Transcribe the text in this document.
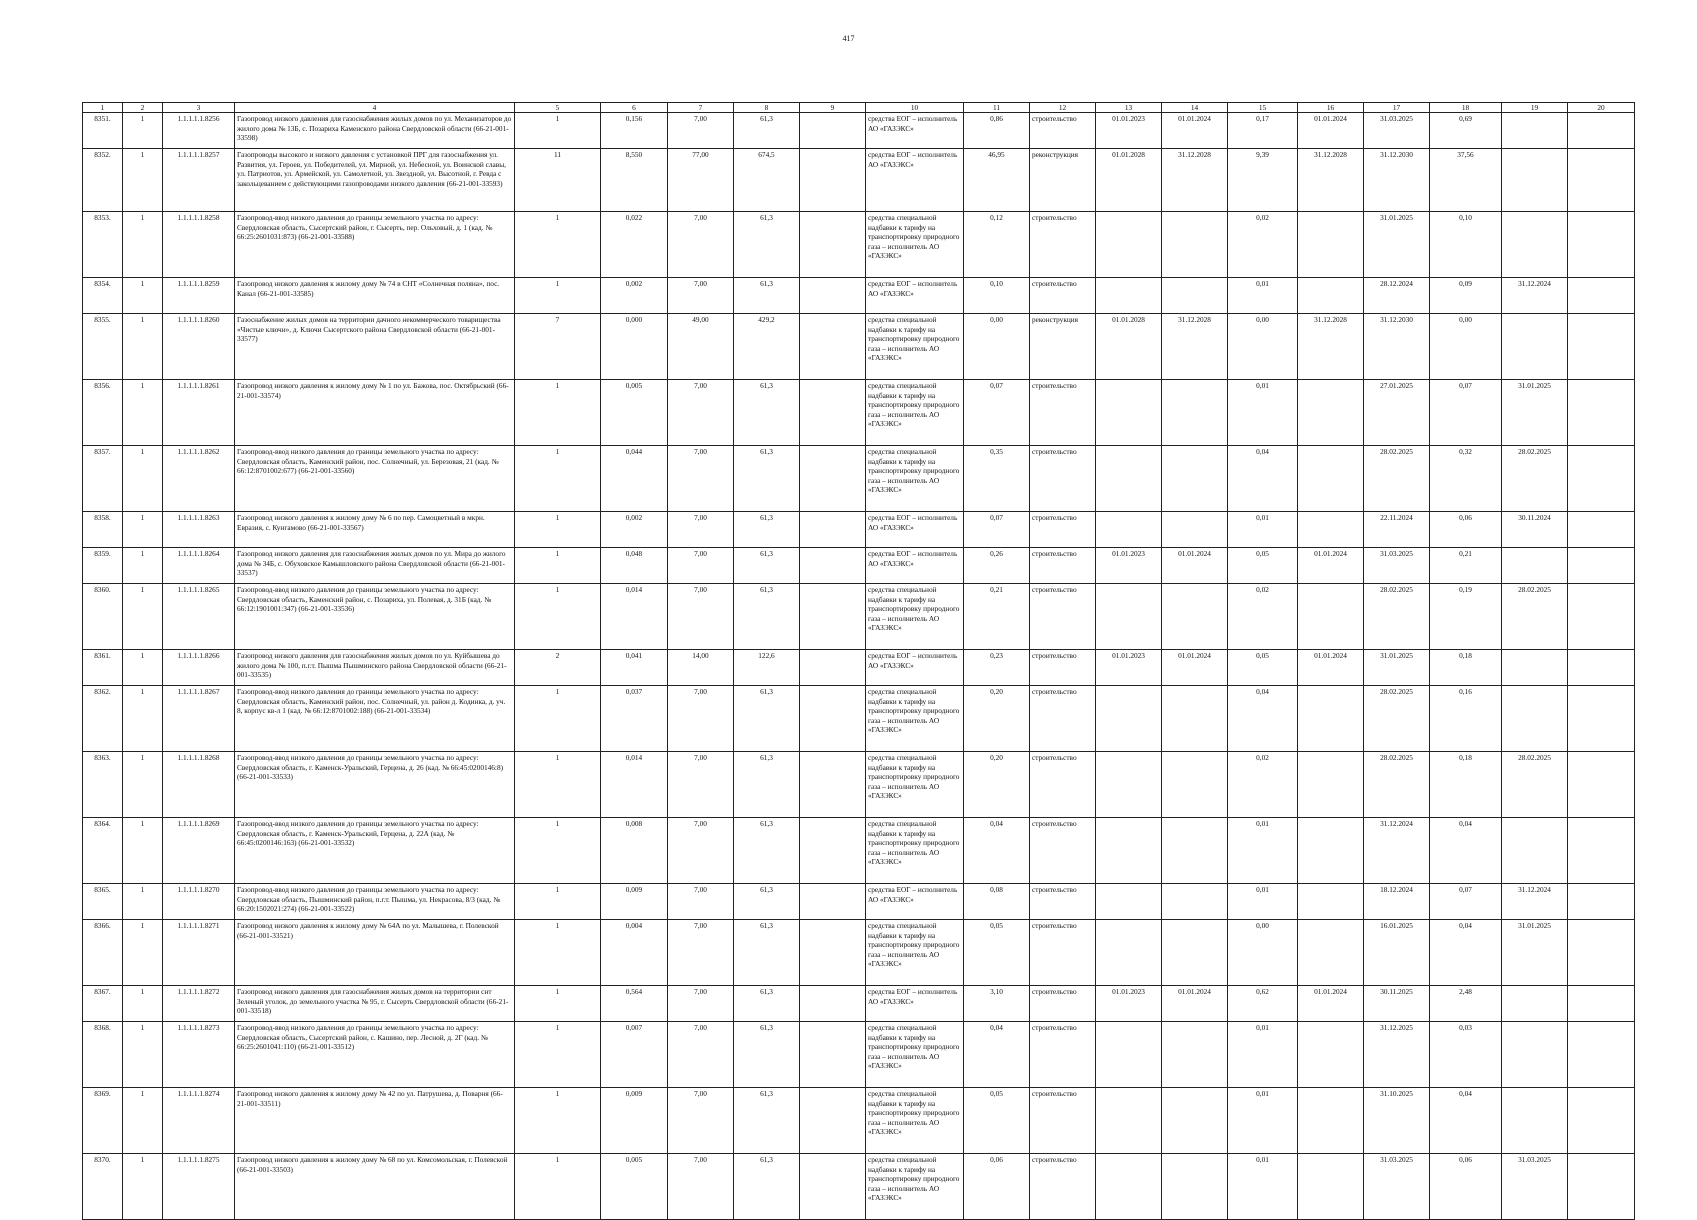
417
1	2	3	4	5	6	7	8	9	10	11	12	13	14	15	16	17	18	19	20
8351.	1	1.1.1.1.1.8256	Газопровод низкого давления для газоснабжения жилых домов по ул. Механизаторов до жилого дома № 13Б, с. Позариха Каменского района Свердловской области (66-21-001-33598)	1	0,156	7,00	61,3		средства ЕОГ – исполнитель АО «ГАЗЭКС»	0,86	строительство	01.01.2023	01.01.2024	0,17	01.01.2024	31.03.2025	0,69		
8352.	1	1.1.1.1.1.8257	Газопроводы высокого и низкого давления с установкой ПРГ для газоснабжения ул. Развития, ул. Героев, ул. Победителей, ул. Мирной, ул. Небесной, ул. Воинской славы, ул. Патриотов, ул. Армейской, ул. Самолетной, ул. Звездной, ул. Высотной, г. Ревда с закольцеванием с действующими газопроводами низкого давления (66-21-001-33593)	11	8,550	77,00	674,5		средства ЕОГ – исполнитель АО «ГАЗЭКС»	46,95	реконструкция	01.01.2028	31.12.2028	9,39	31.12.2028	31.12.2030	37,56		
8353.	1	1.1.1.1.1.8258	Газопровод-ввод низкого давления до границы земельного участка по адресу: Свердловская область, Сысертский район, г. Сысерть, пер. Ольховый, д. 1 (кад. № 66:25:2601031:873) (66-21-001-33588)	1	0,022	7,00	61,3		средства специальной надбавки к тарифу на транспортировку природного газа – исполнитель АО «ГАЗЭКС»	0,12	строительство			0,02		31.01.2025	0,10		
8354.	1	1.1.1.1.1.8259	Газопровод низкого давления к жилому дому № 74 в СНТ «Солнечная поляна», пос. Канал (66-21-001-33585)	1	0,002	7,00	61,3		средства ЕОГ – исполнитель АО «ГАЗЭКС»	0,10	строительство			0,01		28.12.2024	0,09	31.12.2024	
8355.	1	1.1.1.1.1.8260	Газоснабжение жилых домов на территории дачного некоммерческого товарищества «Чистые ключи», д. Ключи Сысертского района Свердловской области (66-21-001-33577)	7	0,000	49,00	429,2		средства специальной надбавки к тарифу на транспортировку природного газа – исполнитель АО «ГАЗЭКС»	0,00	реконструкция	01.01.2028	31.12.2028	0,00	31.12.2028	31.12.2030	0,00		
8356.	1	1.1.1.1.1.8261	Газопровод низкого давления к жилому дому № 1 по ул. Бажова, пос. Октябрьский (66-21-001-33574)	1	0,005	7,00	61,3		средства специальной надбавки к тарифу на транспортировку природного газа – исполнитель АО «ГАЗЭКС»	0,07	строительство			0,01		27.01.2025	0,07	31.01.2025	
8357.	1	1.1.1.1.1.8262	Газопровод-ввод низкого давления до границы земельного участка по адресу: Свердловская область, Каменский район, пос. Солнечный, ул. Березовая, 21 (кад. № 66:12:8701002:677) (66-21-001-33560)	1	0,044	7,00	61,3		средства специальной надбавки к тарифу на транспортировку природного газа – исполнитель АО «ГАЗЭКС»	0,35	строительство			0,04		28.02.2025	0,32	28.02.2025	
8358.	1	1.1.1.1.1.8263	Газопровод низкого давления к жилому дому № 6 по пер. Самоцветный в мкрн. Евразия, с. Кунгамово (66-21-001-33567)	1	0,002	7,00	61,3		средства ЕОГ – исполнитель АО «ГАЗЭКС»	0,07	строительство			0,01		22.11.2024	0,06	30.11.2024	
8359.	1	1.1.1.1.1.8264	Газопровод низкого давления для газоснабжения жилых домов по ул. Мира до жилого дома № 34Б, с. Обуховское Камышловского района Свердловской области (66-21-001-33537)	1	0,048	7,00	61,3		средства ЕОГ – исполнитель АО «ГАЗЭКС»	0,26	строительство	01.01.2023	01.01.2024	0,05	01.01.2024	31.03.2025	0,21		
8360.	1	1.1.1.1.1.8265	Газопровод-ввод низкого давления до границы земельного участка по адресу: Свердловская область, Каменский район, с. Позариха, ул. Полевая, д. 31Б (кад. № 66:12:1901001:347) (66-21-001-33536)	1	0,014	7,00	61,3		средства специальной надбавки к тарифу на транспортировку природного газа – исполнитель АО «ГАЗЭКС»	0,21	строительство			0,02		28.02.2025	0,19	28.02.2025	
8361.	1	1.1.1.1.1.8266	Газопровод низкого давления для газоснабжения жилых домов по ул. Куйбышева до жилого дома № 100, п.г.т. Пышма Пышминского района Свердловской области (66-21-001-33535)	2	0,041	14,00	122,6		средства ЕОГ – исполнитель АО «ГАЗЭКС»	0,23	строительство	01.01.2023	01.01.2024	0,05	01.01.2024	31.01.2025	0,18		
8362.	1	1.1.1.1.1.8267	Газопровод-ввод низкого давления до границы земельного участка по адресу: Свердловская область, Каменский район, пос. Солнечный, ул. район д. Кодинка, д. уч. 8, корпус кв-л 1 (кад. № 66:12:8701002:188) (66-21-001-33534)	1	0,037	7,00	61,3		средства специальной надбавки к тарифу на транспортировку природного газа – исполнитель АО «ГАЗЭКС»	0,20	строительство			0,04		28.02.2025	0,16		
8363.	1	1.1.1.1.1.8268	Газопровод-ввод низкого давления до границы земельного участка по адресу: Свердловская область, г. Каменск-Уральский, Герцена, д. 26 (кад. № 66:45:0200146:8) (66-21-001-33533)	1	0,014	7,00	61,3		средства специальной надбавки к тарифу на транспортировку природного газа – исполнитель АО «ГАЗЭКС»	0,20	строительство			0,02		28.02.2025	0,18	28.02.2025	
8364.	1	1.1.1.1.1.8269	Газопровод-ввод низкого давления до границы земельного участка по адресу: Свердловская область, г. Каменск-Уральский, Герцена, д. 22А (кад. № 66:45:0200146:163) (66-21-001-33532)	1	0,008	7,00	61,3		средства специальной надбавки к тарифу на транспортировку природного газа – исполнитель АО «ГАЗЭКС»	0,04	строительство			0,01		31.12.2024	0,04		
8365.	1	1.1.1.1.1.8270	Газопровод-ввод низкого давления до границы земельного участка по адресу: Свердловская область, Пышминский район, п.г.т. Пышма, ул. Некрасова, 8/3 (кад. № 66:20:1502021:274) (66-21-001-33522)	1	0,009	7,00	61,3		средства ЕОГ – исполнитель АО «ГАЗЭКС»	0,08	строительство			0,01		18.12.2024	0,07	31.12.2024	
8366.	1	1.1.1.1.1.8271	Газопровод низкого давления к жилому дому № 64А по ул. Малышева, г. Полевской (66-21-001-33521)	1	0,004	7,00	61,3		средства специальной надбавки к тарифу на транспортировку природного газа – исполнитель АО «ГАЗЭКС»	0,05	строительство			0,00		16.01.2025	0,04	31.01.2025	
8367.	1	1.1.1.1.1.8272	Газопровод низкого давления для газоснабжения жилых домов на территории снт Зеленый уголок, до земельного участка № 95, г. Сысерть Свердловской области (66-21-001-33518)	1	0,564	7,00	61,3		средства ЕОГ – исполнитель АО «ГАЗЭКС»	3,10	строительство	01.01.2023	01.01.2024	0,62	01.01.2024	30.11.2025	2,48		
8368.	1	1.1.1.1.1.8273	Газопровод-ввод низкого давления до границы земельного участка по адресу: Свердловская область, Сысертский район, с. Кашино, пер. Лесной, д. 2Г (кад. № 66:25:2601041:110) (66-21-001-33512)	1	0,007	7,00	61,3		средства специальной надбавки к тарифу на транспортировку природного газа – исполнитель АО «ГАЗЭКС»	0,04	строительство			0,01		31.12.2025	0,03		
8369.	1	1.1.1.1.1.8274	Газопровод низкого давления к жилому дому № 42 по ул. Патрушева, д. Поварня (66-21-001-33511)	1	0,009	7,00	61,3		средства специальной надбавки к тарифу на транспортировку природного газа – исполнитель АО «ГАЗЭКС»	0,05	строительство			0,01		31.10.2025	0,04		
8370.	1	1.1.1.1.1.8275	Газопровод низкого давления к жилому дому № 68 по ул. Комсомольская, г. Полевской (66-21-001-33503)	1	0,005	7,00	61,3		средства специальной надбавки к тарифу на транспортировку природного газа – исполнитель АО «ГАЗЭКС»	0,06	строительство			0,01		31.03.2025	0,06	31.03.2025	
